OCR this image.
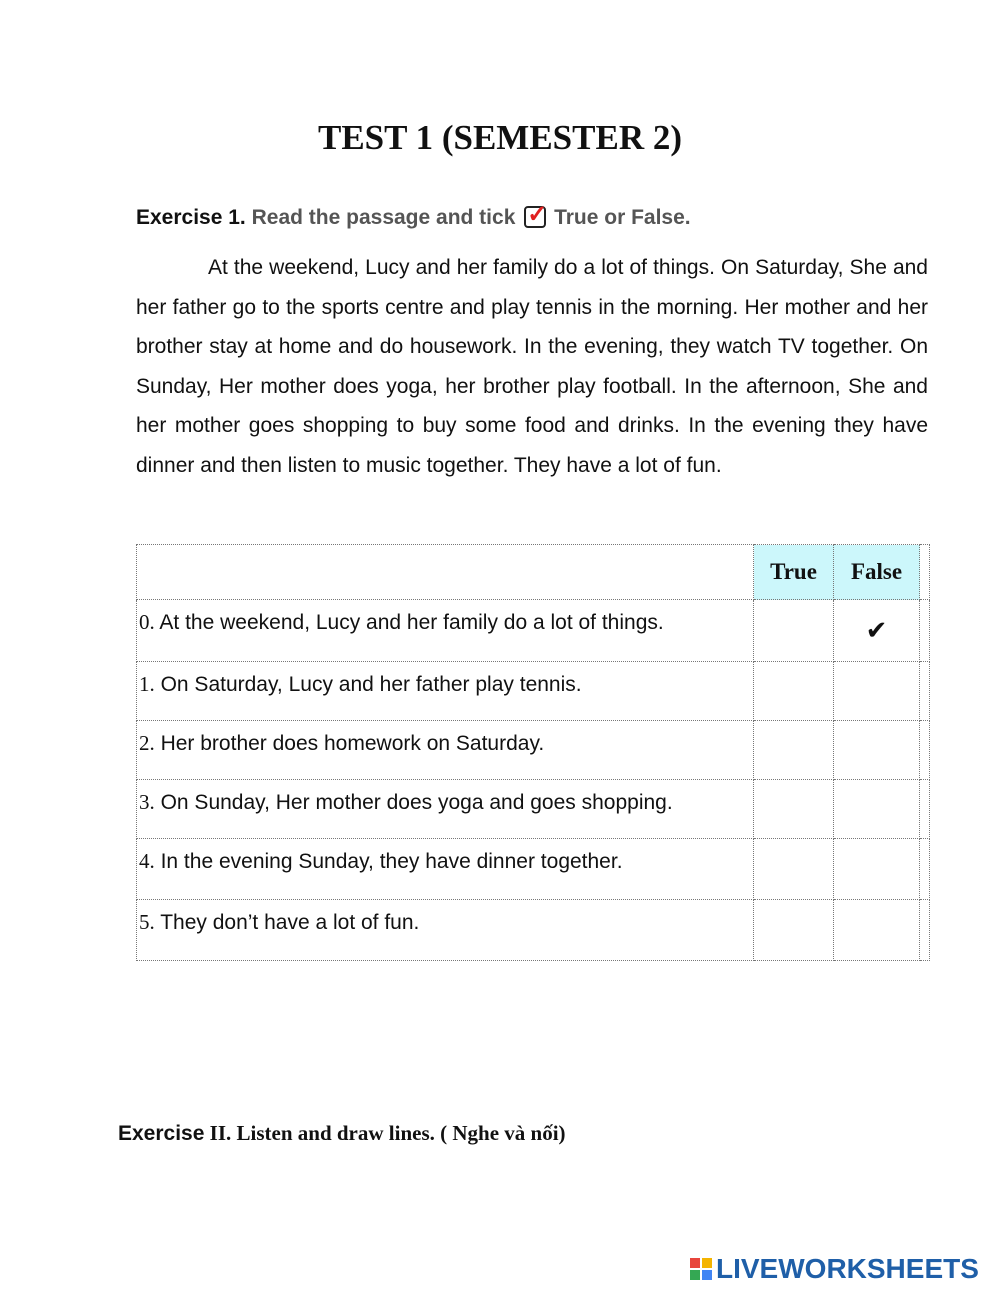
TEST 1 (SEMESTER 2)
Exercise 1. Read the passage and tick ✓ True or False.

At the weekend, Lucy and her family do a lot of things. On Saturday, She and her father go to the sports centre and play tennis in the morning. Her mother and her brother stay at home and do housework. In the evening, they watch TV together. On Sunday, Her mother does yoga, her brother play football. In the afternoon, She and her mother goes shopping to buy some food and drinks. In the evening they have dinner and then listen to music together. They have a lot of fun.

	True	False	
0. At the weekend, Lucy and her family do a lot of things.		✔	
1. On Saturday, Lucy and her father play tennis.			
2. Her brother does homework on Saturday.			
3. On Sunday, Her mother does yoga and goes shopping.			
4. In the evening Sunday, they have dinner together.			
5. They don’t have a lot of fun.			
Exercise II. Listen and draw lines. ( Nghe và nối)
LIVEWORKSHEETS
